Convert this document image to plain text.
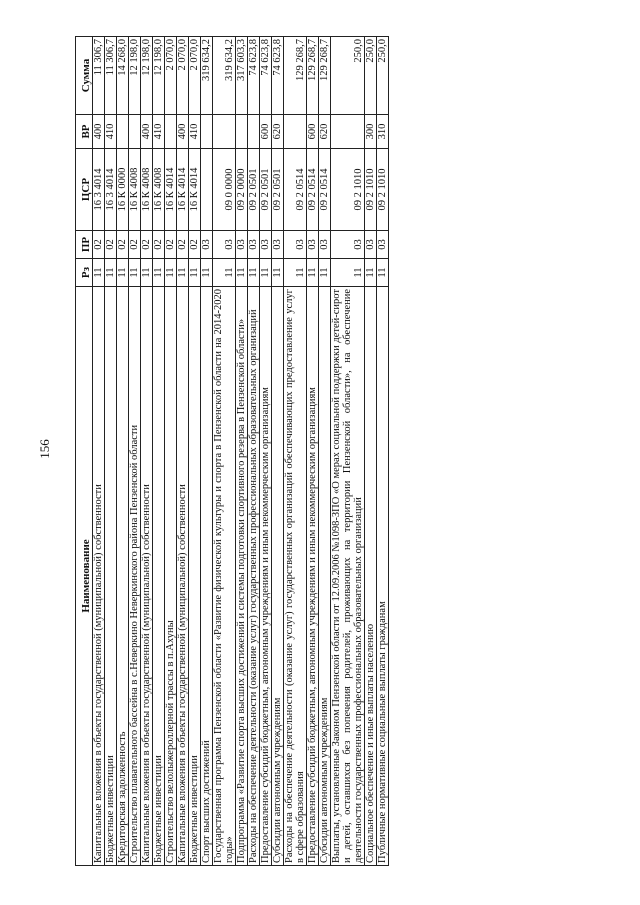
156
Наименование	Рз	ПР	ЦСР	ВР	Сумма
Капитальные вложения в объекты государственной (муниципальной) собственности	11	02	16 3 4014	400	11 306,7
Бюджетные инвестиции	11	02	16 3 4014	410	11 306,7
Кредиторская задолженность	11	02	16 К 0000		14 268,0
Строительство плавательного бассейна в с.Неверкино Неверкинского района Пензенской области	11	02	16 К 4008		12 198,0
Капитальные вложения в объекты государственной (муниципальной) собственности	11	02	16 К 4008	400	12 198,0
Бюджетные инвестиции	11	02	16 К 4008	410	12 198,0
Строительство велолыжероллерной трассы в п.Ахуны	11	02	16 К 4014		2 070,0
Капитальные вложения в объекты государственной (муниципальной) собственности	11	02	16 К 4014	400	2 070,0
Бюджетные инвестиции	11	02	16 К 4014	410	2 070,0
Спорт высших достижений	11	03			319 634,2
Государственная программа Пензенской области «Развитие физической культуры и спорта в Пензенской области на 2014-2020 годы»	11	03	09 0 0000		319 634,2
Подпрограмма «Развитие спорта высших достижений и системы подготовки спортивного резерва в Пензенской области»	11	03	09 2 0000		317 603,3
Расходы на обеспечение деятельности (оказание услуг) государственных профессиональных образовательных организаций	11	03	09 2 0501		74 623,8
Предоставление субсидий бюджетным, автономным учреждениям и иным некоммерческим организациям	11	03	09 2 0501	600	74 623,8
Субсидии автономным учреждениям	11	03	09 2 0501	620	74 623,8
Расходы на обеспечение деятельности (оказание услуг) государственных организаций обеспечивающих предоставление услуг в сфере образования	11	03	09 2 0514		129 268,7
Предоставление субсидий бюджетным, автономным учреждениям и иным некоммерческим организациям	11	03	09 2 0514	600	129 268,7
Субсидии автономным учреждениям	11	03	09 2 0514	620	129 268,7
Выплаты, установленные Законом Пензенской области от 12.09.2006 №1098-ЗПО «О мерах социальной поддержки детей-сирот и детей, оставшихся без попечения родителей, проживающих на территории Пензенской области», на обеспечение деятельности государственных профессиональных образовательных организаций	11	03	09 2 1010		250,0
Социальное обеспечение и иные выплаты населению	11	03	09 2 1010	300	250,0
Публичные нормативные социальные выплаты гражданам	11	03	09 2 1010	310	250,0
